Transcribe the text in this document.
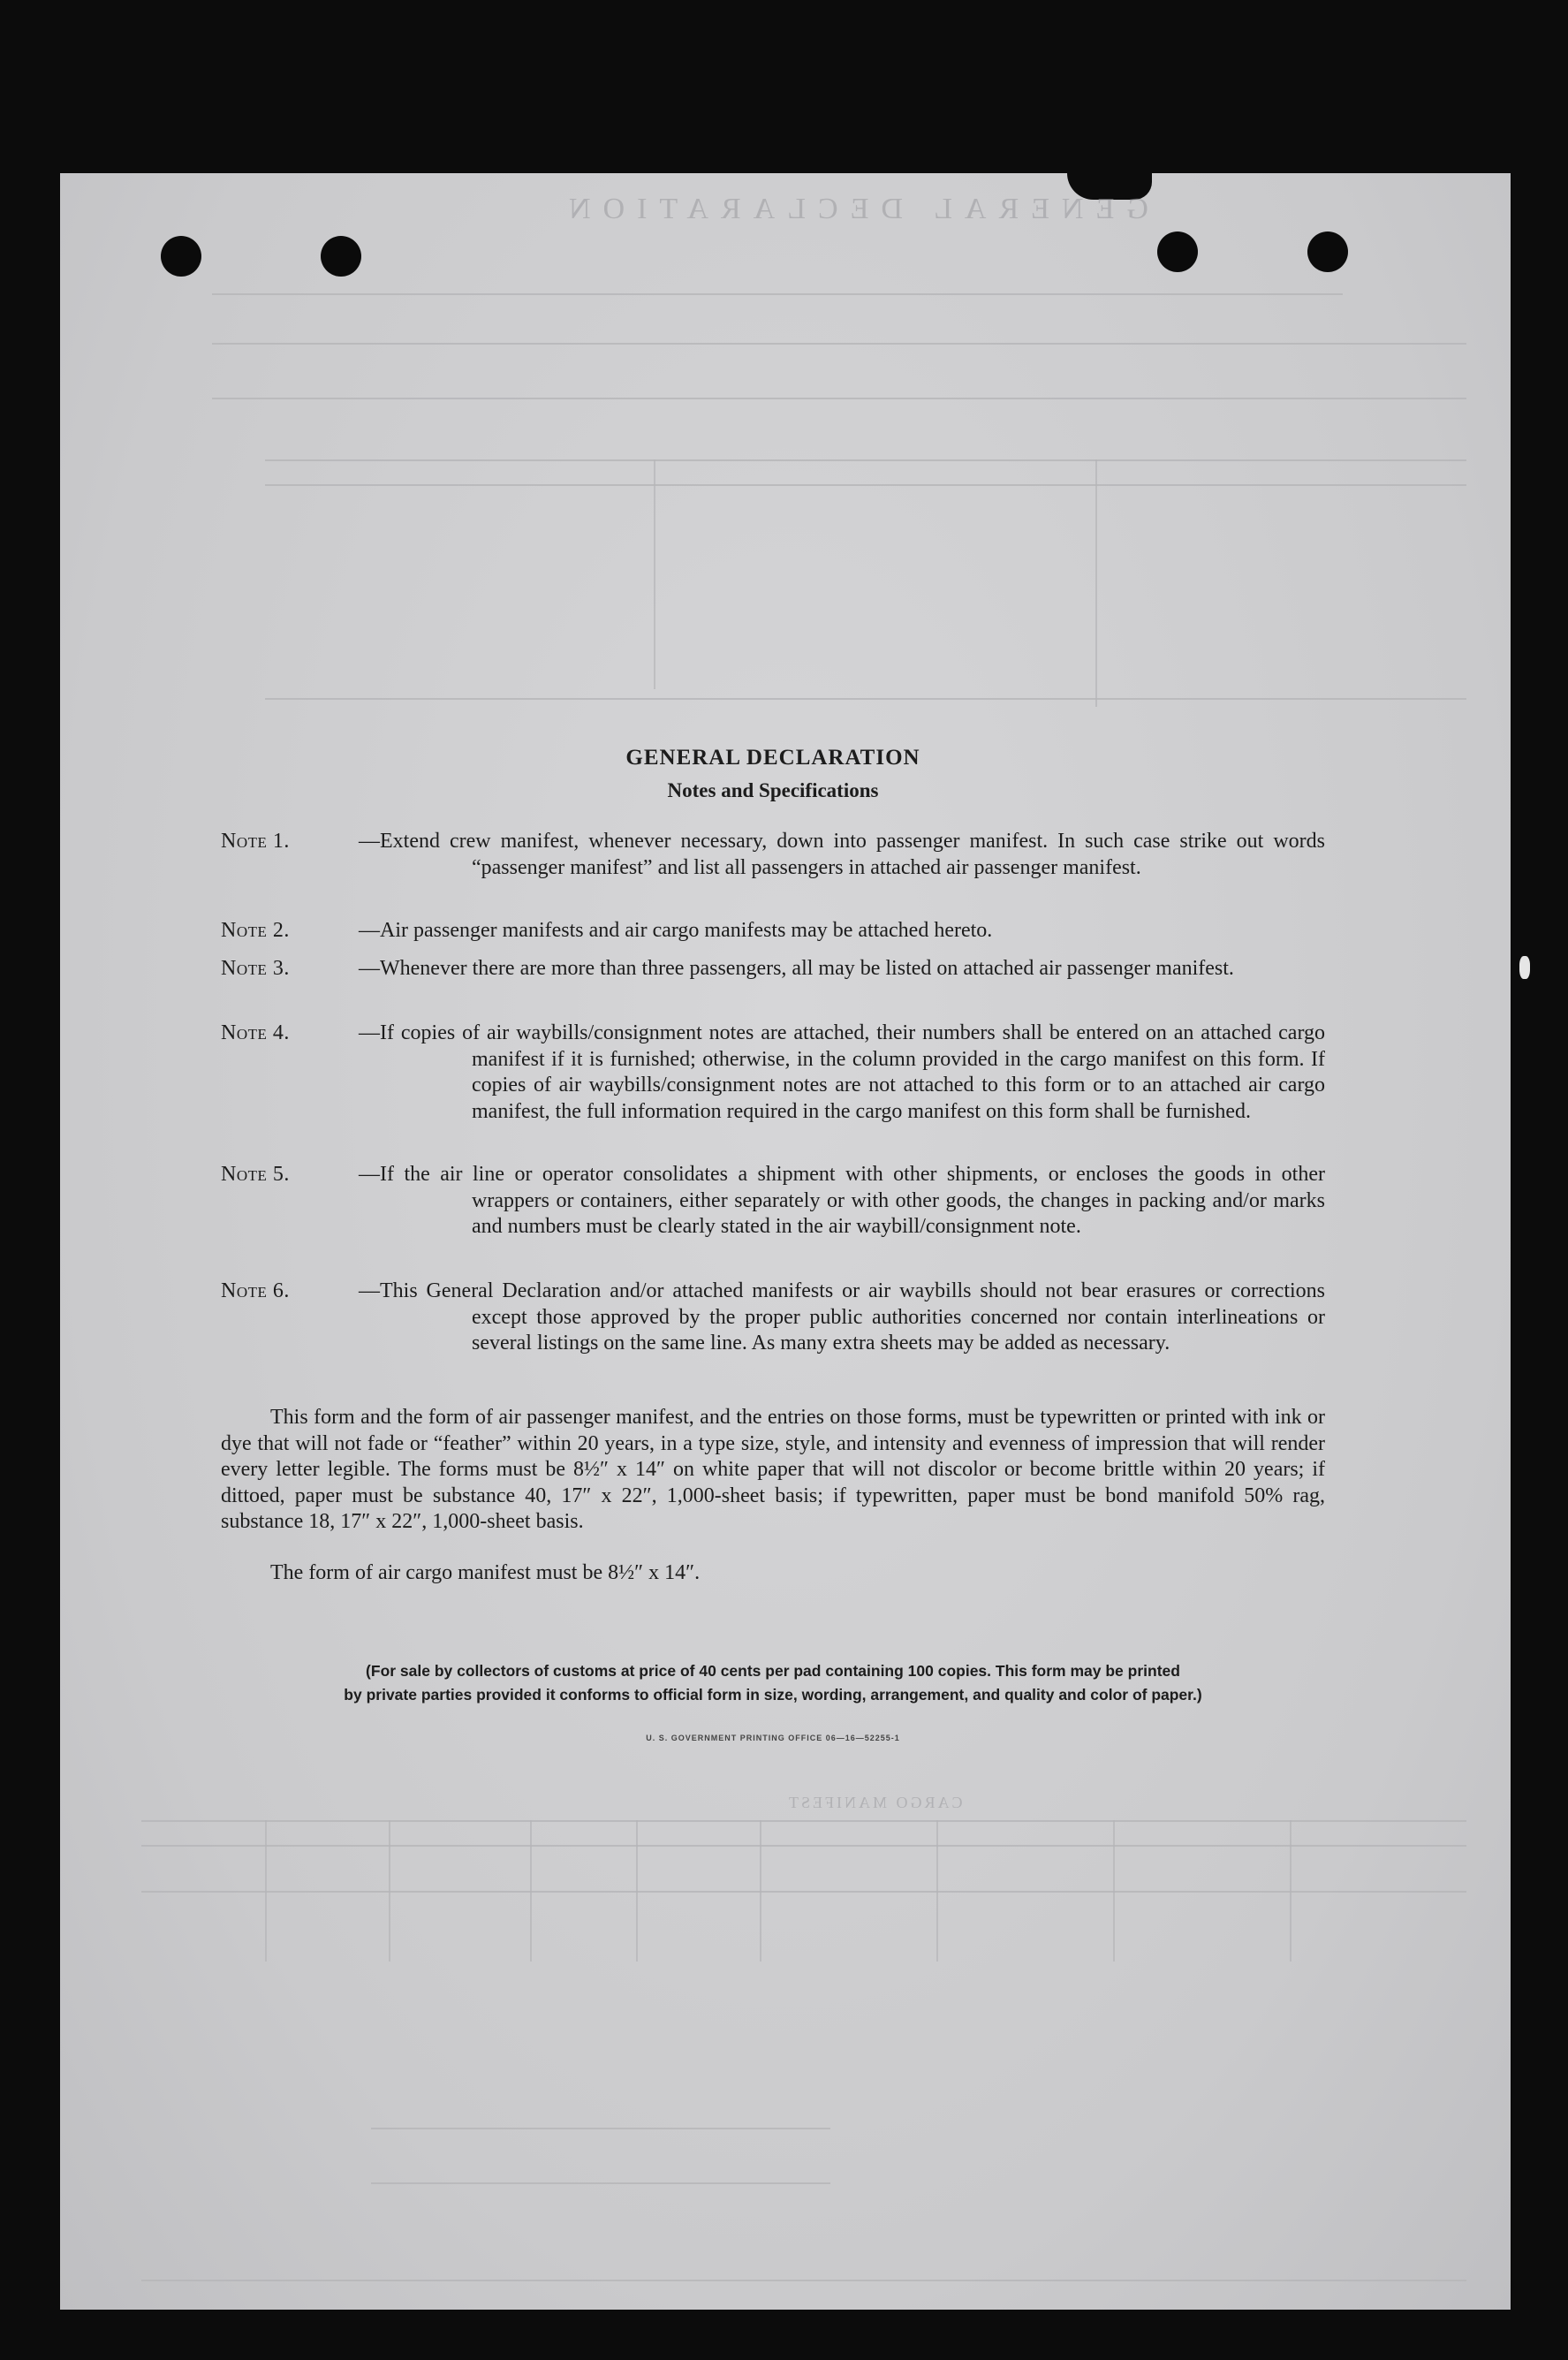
GENERAL DECLARATION
CARGO MANIFEST
GENERAL DECLARATION
Notes and Specifications
Note 1.	—Extend crew manifest, whenever necessary, down into passenger manifest. In such case strike out words “passenger manifest” and list all passengers in attached air passenger manifest.
Note 2.	—Air passenger manifests and air cargo manifests may be attached hereto.
Note 3.	—Whenever there are more than three passengers, all may be listed on attached air passenger manifest.
Note 4.	—If copies of air waybills/consignment notes are attached, their numbers shall be entered on an attached cargo manifest if it is furnished; otherwise, in the column provided in the cargo manifest on this form. If copies of air waybills/consignment notes are not attached to this form or to an attached air cargo manifest, the full information required in the cargo manifest on this form shall be furnished.
Note 5.	—If the air line or operator consolidates a shipment with other shipments, or encloses the goods in other wrappers or containers, either separately or with other goods, the changes in packing and/or marks and numbers must be clearly stated in the air waybill/consignment note.
Note 6.	—This General Declaration and/or attached manifests or air waybills should not bear erasures or corrections except those approved by the proper public authorities concerned nor contain interlineations or several listings on the same line. As many extra sheets may be added as necessary.
This form and the form of air passenger manifest, and the entries on those forms, must be typewritten or printed with ink or dye that will not fade or “feather” within 20 years, in a type size, style, and intensity and evenness of impression that will render every letter legible. The forms must be 8½″ x 14″ on white paper that will not discolor or become brittle within 20 years; if dittoed, paper must be substance 40, 17″ x 22″, 1,000-sheet basis; if typewritten, paper must be bond manifold 50% rag, substance 18, 17″ x 22″, 1,000-sheet basis.
The form of air cargo manifest must be 8½″ x 14″.
(For sale by collectors of customs at price of 40 cents per pad containing 100 copies. This form may be printed
by private parties provided it conforms to official form in size, wording, arrangement, and quality and color of paper.)
U. S. GOVERNMENT PRINTING OFFICE 06—16—52255-1
